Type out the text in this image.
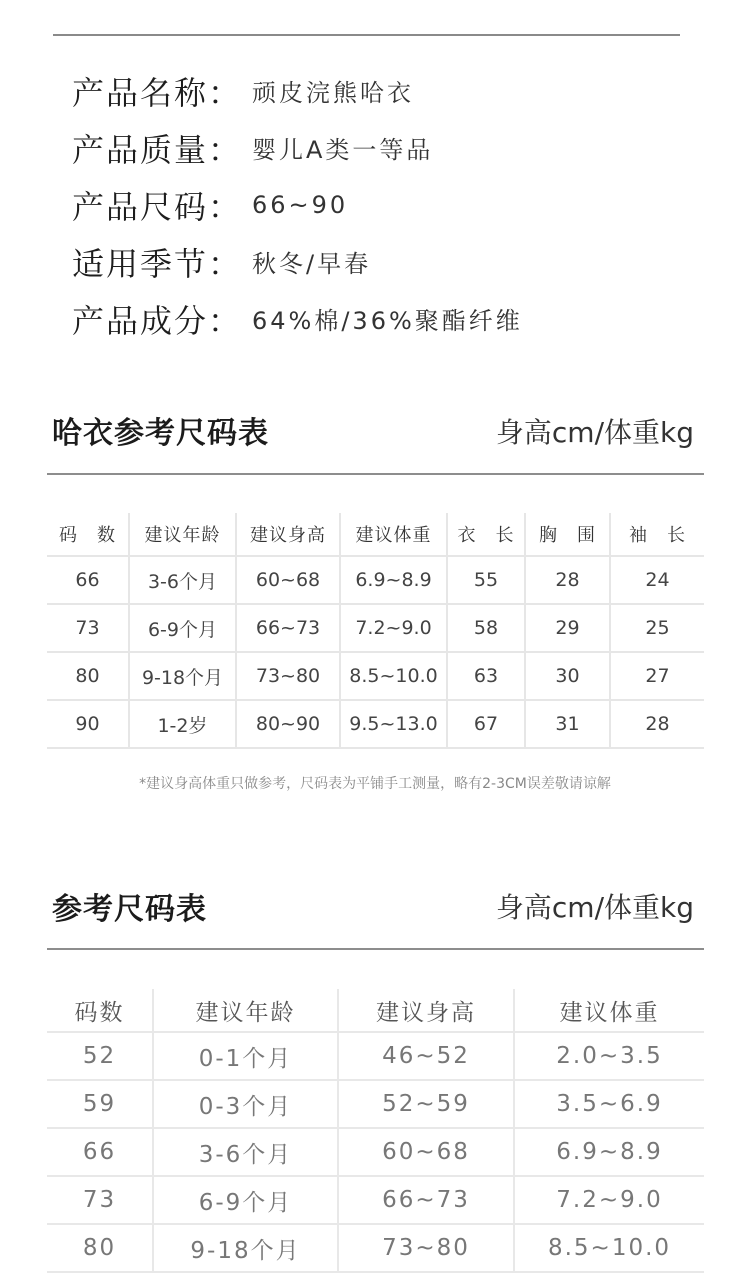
产品名称： 顽皮浣熊哈衣
产品质量： 婴儿A类一等品
产品尺码： 66~90
适用季节： 秋冬/早春
产品成分： 64%棉/36%聚酯纤维
哈衣参考尺码表	身高cm/体重kg
码　数	建议年龄	建议身高	建议体重	衣　长	胸　围	袖　长
66	3-6个月	60~68	6.9~8.9	55	28	24
73	6-9个月	66~73	7.2~9.0	58	29	25
80	9-18个月	73~80	8.5~10.0	63	30	27
90	1-2岁	80~90	9.5~13.0	67	31	28
*建议身高体重只做参考，尺码表为平铺手工测量，略有2-3CM误差敬请谅解
参考尺码表	身高cm/体重kg
码数	建议年龄	建议身高	建议体重
52	0-1个月	46~52	2.0~3.5
59	0-3个月	52~59	3.5~6.9
66	3-6个月	60~68	6.9~8.9
73	6-9个月	66~73	7.2~9.0
80	9-18个月	73~80	8.5~10.0
